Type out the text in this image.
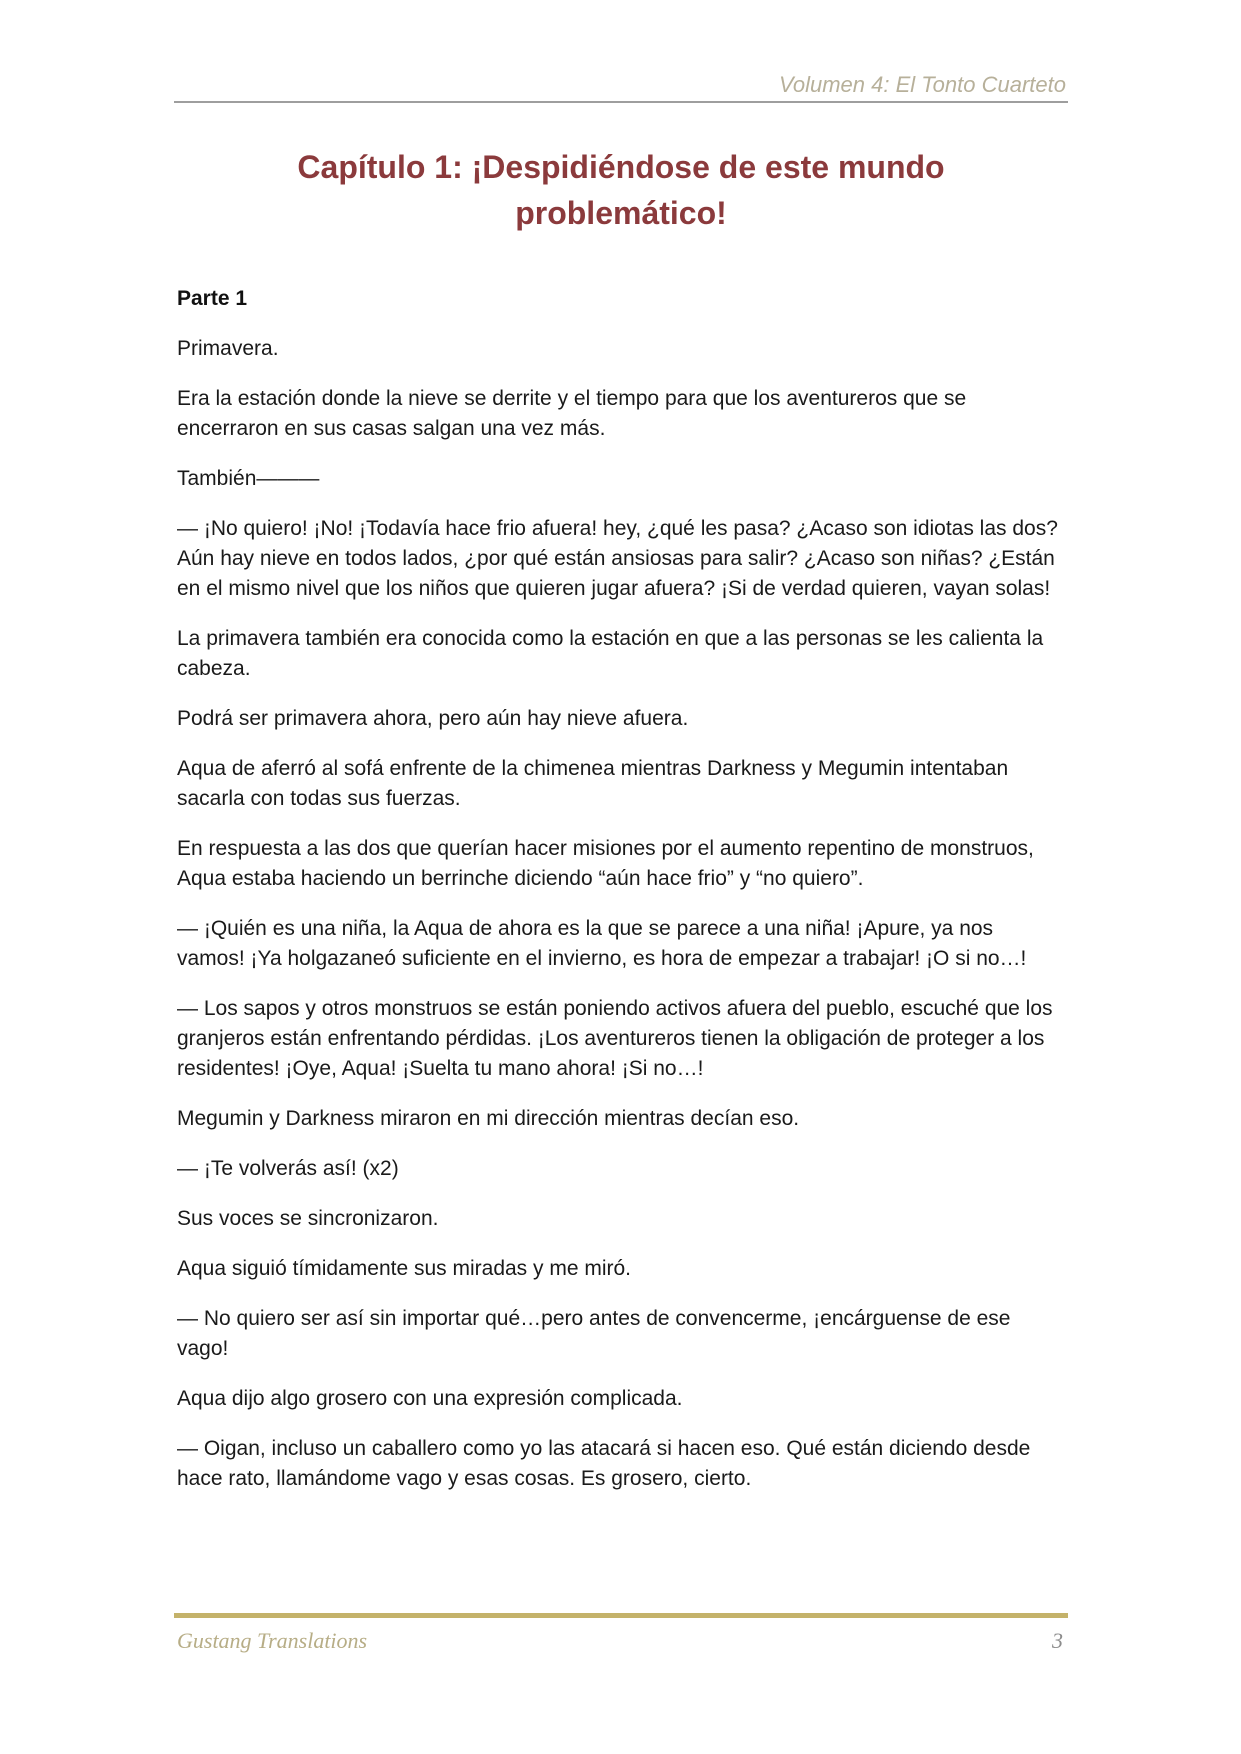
Volumen 4: El Tonto Cuarteto
Capítulo 1: ¡Despidiéndose de este mundo
problemático!

Parte 1

Primavera.

Era la estación donde la nieve se derrite y el tiempo para que los aventureros que se encerraron en sus casas salgan una vez más.

También———

— ¡No quiero! ¡No! ¡Todavía hace frio afuera! hey, ¿qué les pasa? ¿Acaso son idiotas las dos? Aún hay nieve en todos lados, ¿por qué están ansiosas para salir? ¿Acaso son niñas? ¿Están en el mismo nivel que los niños que quieren jugar afuera? ¡Si de verdad quieren, vayan solas!

La primavera también era conocida como la estación en que a las personas se les calienta la cabeza.

Podrá ser primavera ahora, pero aún hay nieve afuera.

Aqua de aferró al sofá enfrente de la chimenea mientras Darkness y Megumin intentaban sacarla con todas sus fuerzas.

En respuesta a las dos que querían hacer misiones por el aumento repentino de monstruos, Aqua estaba haciendo un berrinche diciendo “aún hace frio” y “no quiero”.

— ¡Quién es una niña, la Aqua de ahora es la que se parece a una niña! ¡Apure, ya nos vamos! ¡Ya holgazaneó suficiente en el invierno, es hora de empezar a trabajar! ¡O si no…!

— Los sapos y otros monstruos se están poniendo activos afuera del pueblo, escuché que los granjeros están enfrentando pérdidas. ¡Los aventureros tienen la obligación de proteger a los residentes! ¡Oye, Aqua! ¡Suelta tu mano ahora! ¡Si no…!

Megumin y Darkness miraron en mi dirección mientras decían eso.

— ¡Te volverás así! (x2)

Sus voces se sincronizaron.

Aqua siguió tímidamente sus miradas y me miró.

— No quiero ser así sin importar qué…pero antes de convencerme, ¡encárguense de ese vago!

Aqua dijo algo grosero con una expresión complicada.

— Oigan, incluso un caballero como yo las atacará si hacen eso. Qué están diciendo desde hace rato, llamándome vago y esas cosas. Es grosero, cierto.

Gustang Translations	3
